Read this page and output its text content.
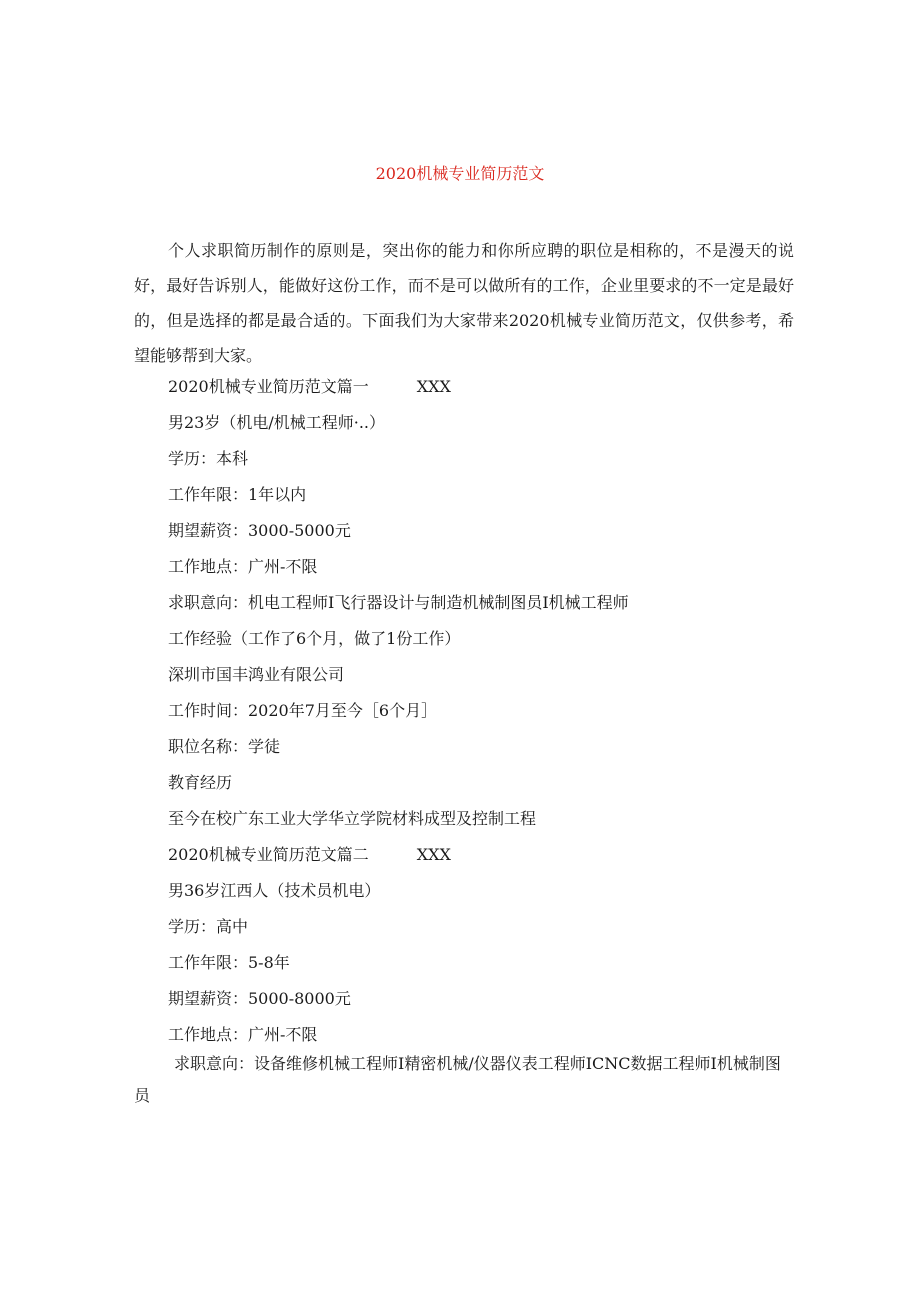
2020机械专业简历范文

个人求职简历制作的原则是，突出你的能力和你所应聘的职位是相称的，不是漫天的说好，最好告诉别人，能做好这份工作，而不是可以做所有的工作，企业里要求的不一定是最好的，但是选择的都是最合适的。下面我们为大家带来2020机械专业简历范文，仅供参考，希望能够帮到大家。

2020机械专业简历范文篇一	XXX
男23岁（机电/机械工程师·..）
学历：本科
工作年限：1年以内
期望薪资：3000-5000元
工作地点：广州-不限
求职意向：机电工程师I飞行器设计与制造机械制图员I机械工程师
工作经验（工作了6个月，做了1份工作）
深圳市国丰鸿业有限公司
工作时间：2020年7月至今［6个月］
职位名称：学徒
教育经历
至今在校广东工业大学华立学院材料成型及控制工程
2020机械专业简历范文篇二	XXX
男36岁江西人（技术员机电）
学历：高中
工作年限：5-8年
期望薪资：5000-8000元
工作地点：广州-不限

求职意向：设备维修机械工程师I精密机械/仪器仪表工程师ICNC数据工程师I机械制图员
